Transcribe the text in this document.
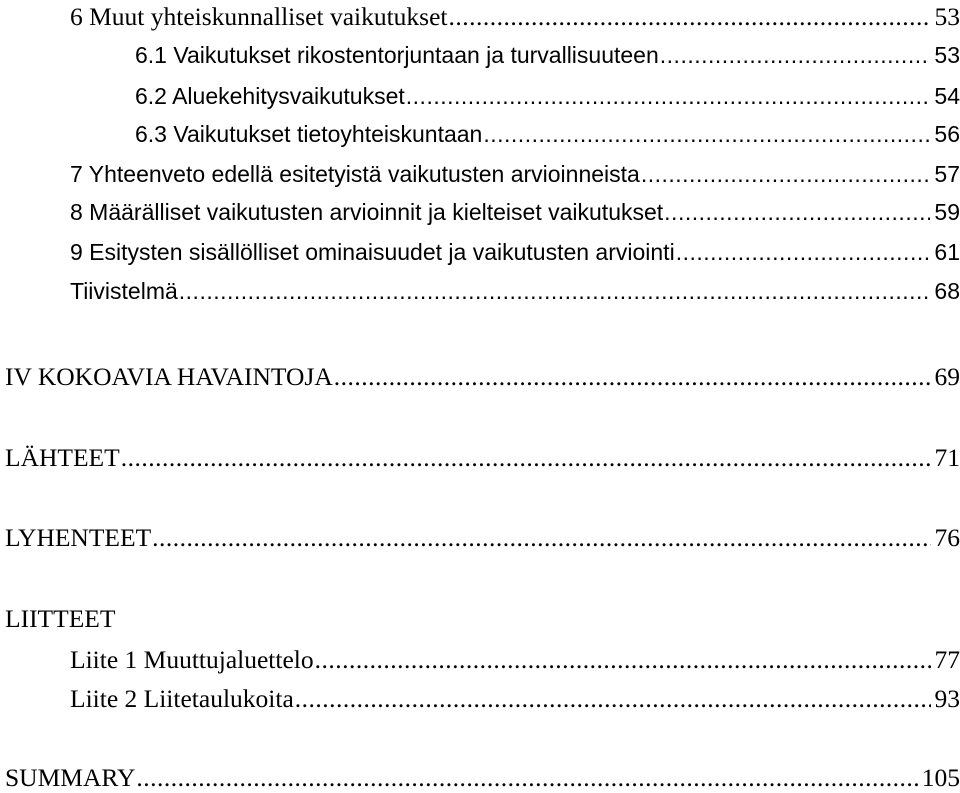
6 Muut yhteiskunnalliset vaikutukset .....	53
6.1 Vaikutukset rikostentorjuntaan ja turvallisuuteen .....	53
6.2 Aluekehitysvaikutukset .....	54
6.3 Vaikutukset tietoyhteiskuntaan .....	56
7 Yhteenveto edellä esitetyistä vaikutusten arvioinneista .....	57
8 Määrälliset vaikutusten arvioinnit ja kielteiset vaikutukset .....	59
9 Esitysten sisällölliset ominaisuudet ja vaikutusten arviointi .....	61
Tiivistelmä .....	68
IV KOKOAVIA HAVAINTOJA .....	69
LÄHTEET .....	71
LYHENTEET .....	76
LIITTEET
Liite 1 Muuttujaluettelo .....	77
Liite 2 Liitetaulukoita .....	93
SUMMARY .....	105
